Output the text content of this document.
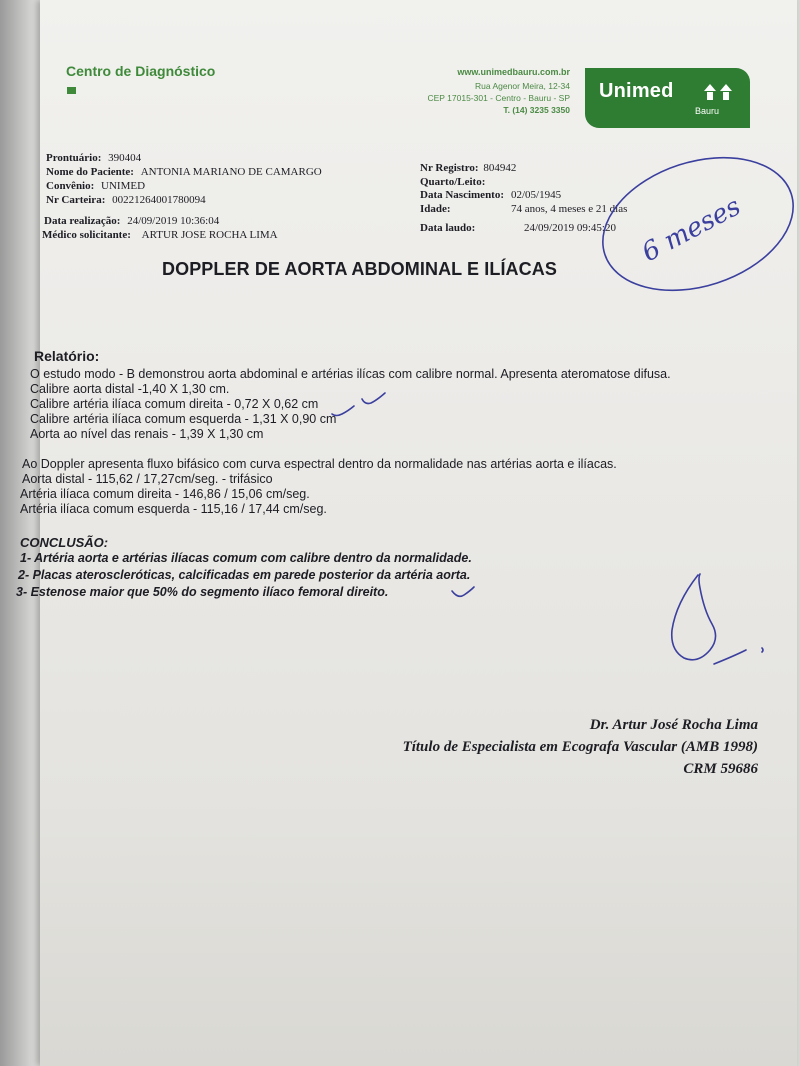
Centro de Diagnóstico	www.unimedbauru.com.br
Rua Agenor Meira, 12-34
CEP 17015-301 - Centro - Bauru - SP
T. (14) 3235 3350
Unimed
Bauru
Prontuário: 390404
Nome do Paciente: ANTONIA MARIANO DE CAMARGO
Convênio: UNIMED
Nr Carteira: 00221264001780094
Data realização: 24/09/2019 10:36:04
Médico solicitante: ARTUR JOSE ROCHA LIMA
Nr Registro: 804942
Quarto/Leito:
Data Nascimento: 02/05/1945
Idade:	74 anos, 4 meses e 21 dias
Data laudo:	24/09/2019 09:45:20
DOPPLER DE AORTA ABDOMINAL E ILÍACAS
Relatório:
O estudo modo - B demonstrou aorta abdominal e artérias ilícas com calibre normal. Apresenta ateromatose difusa.
Calibre aorta distal -1,40 X 1,30 cm.
Calibre artéria ilíaca comum direita - 0,72 X 0,62 cm
Calibre artéria ilíaca comum esquerda - 1,31 X 0,90 cm
Aorta ao nível das renais - 1,39 X 1,30 cm
Ao Doppler apresenta fluxo bifásico com curva espectral dentro da normalidade nas artérias aorta e ilíacas.
Aorta distal - 115,62 / 17,27cm/seg. - trifásico
Artéria ilíaca comum direita - 146,86 / 15,06 cm/seg.
Artéria ilíaca comum esquerda - 115,16 / 17,44 cm/seg.
CONCLUSÃO:
1- Artéria aorta e artérias ilíacas comum com calibre dentro da normalidade.
2- Placas ateroscleróticas, calcificadas em parede posterior da artéria aorta.
3- Estenose maior que 50% do segmento ilíaco femoral direito.
Dr. Artur José Rocha Lima
Título de Especialista em Ecografa Vascular (AMB 1998)
CRM 59686
6 meses
